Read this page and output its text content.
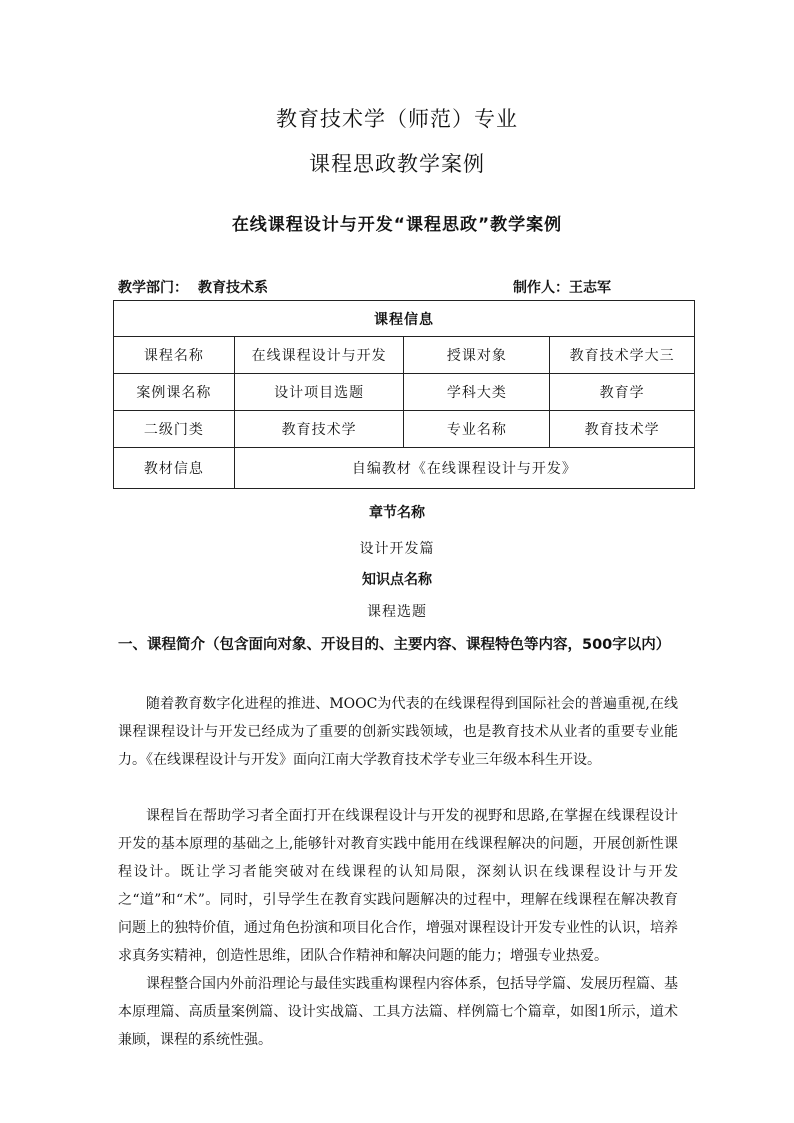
教育技术学（师范）专业
课程思政教学案例
在线课程设计与开发“课程思政”教学案例
教学部门： 教育技术系	制作人：王志军
课程信息			
课程名称	在线课程设计与开发	授课对象	教育技术学大三
案例课名称	设计项目选题	学科大类	教育学
二级门类	教育技术学	专业名称	教育技术学
教材信息	自编教材《在线课程设计与开发》		
章节名称
设计开发篇
知识点名称
课程选题
一、课程简介（包含面向对象、开设目的、主要内容、课程特色等内容，500字以内）
随着教育数字化进程的推进、MOOC为代表的在线课程得到国际社会的普遍重视,在线课程课程设计与开发已经成为了重要的创新实践领域，也是教育技术从业者的重要专业能力。《在线课程设计与开发》面向江南大学教育技术学专业三年级本科生开设。
课程旨在帮助学习者全面打开在线课程设计与开发的视野和思路,在掌握在线课程设计开发的基本原理的基础之上,能够针对教育实践中能用在线课程解决的问题，开展创新性课程设计。既让学习者能突破对在线课程的认知局限，深刻认识在线课程设计与开发之“道”和“术”。同时，引导学生在教育实践问题解决的过程中，理解在线课程在解决教育问题上的独特价值，通过角色扮演和项目化合作，增强对课程设计开发专业性的认识，培养求真务实精神，创造性思维，团队合作精神和解决问题的能力；增强专业热爱。
课程整合国内外前沿理论与最佳实践重构课程内容体系，包括导学篇、发展历程篇、基本原理篇、高质量案例篇、设计实战篇、工具方法篇、样例篇七个篇章，如图1所示，道术兼顾，课程的系统性强。
